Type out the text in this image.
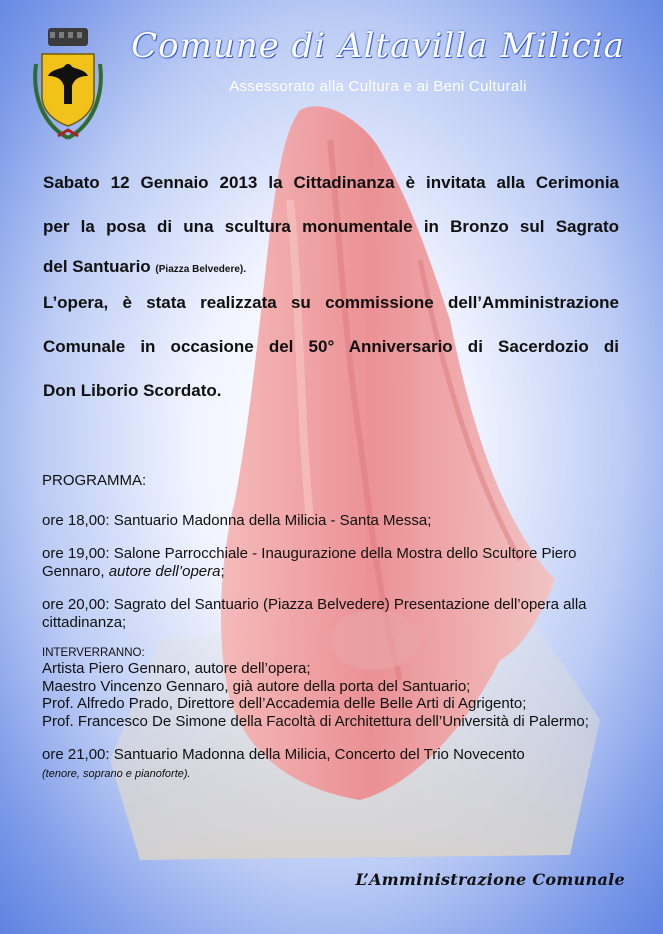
Comune di Altavilla Milicia
Assessorato alla Cultura e ai Beni Culturali

Sabato 12 Gennaio 2013 la Cittadinanza è invitata alla Cerimonia

per la posa di una scultura monumentale in Bronzo sul Sagrato

del Santuario (Piazza Belvedere).

L’opera, è stata realizzata su commissione dell’Amministrazione

Comunale in occasione del 50° Anniversario di Sacerdozio di

Don Liborio Scordato.

PROGRAMMA:

ore 18,00: Santuario Madonna della Milicia - Santa Messa;

ore 19,00: Salone Parrocchiale - Inaugurazione della Mostra dello Scultore Piero Gennaro, autore dell’opera;

ore 20,00: Sagrato del Santuario (Piazza Belvedere) Presentazione dell’opera alla cittadinanza;

INTERVERRANNO:

Artista Piero Gennaro, autore dell’opera;

Maestro Vincenzo Gennaro, già autore della porta del Santuario;

Prof. Alfredo Prado, Direttore dell’Accademia delle Belle Arti di Agrigento;

Prof. Francesco De Simone della Facoltà di Architettura dell’Università di Palermo;

ore 21,00: Santuario Madonna della Milicia, Concerto del Trio Novecento

(tenore, soprano e pianoforte).

L’Amministrazione Comunale
